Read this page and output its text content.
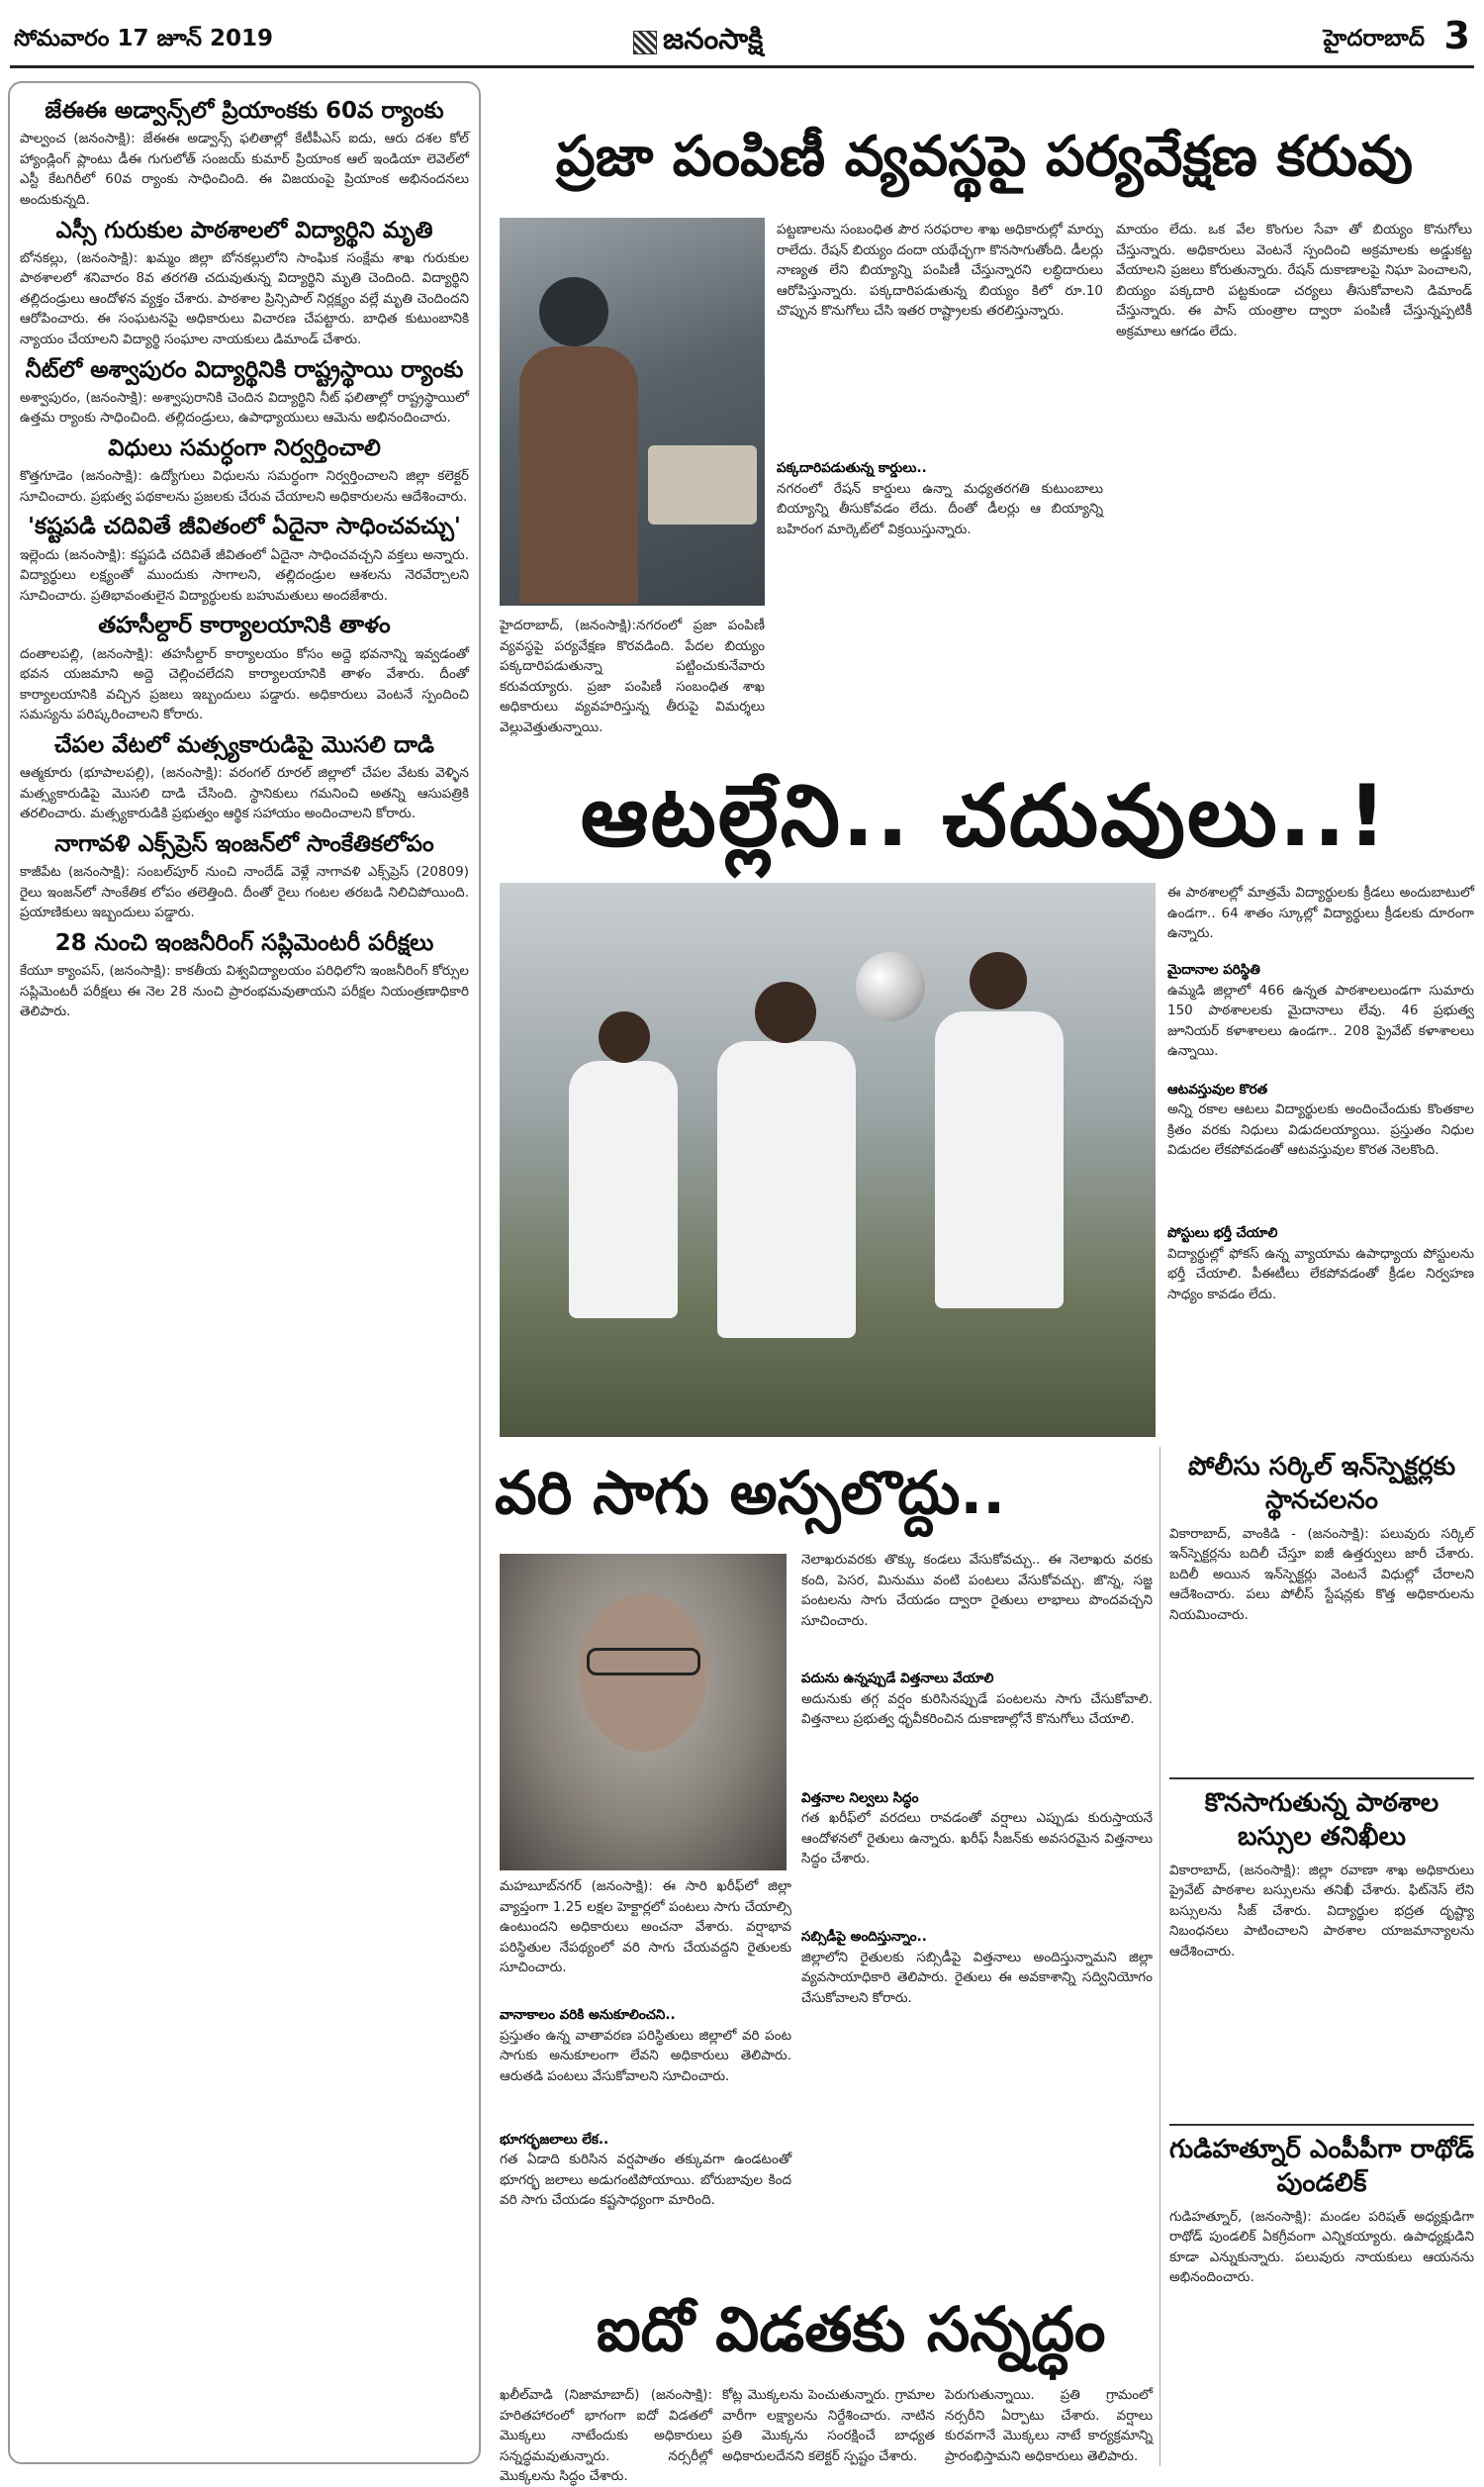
సోమవారం 17 జూన్ 2019	జనంసాక్షి	హైదరాబాద్ 3
జేఈఈ అడ్వాన్స్‌లో ప్రియాంకకు 60వ ర్యాంకు
పాల్వంచ (జనంసాక్షి): జేఈఈ అడ్వాన్స్ ఫలితాల్లో కేటీపీఎస్ ఐదు, ఆరు దశల కోల్ హ్యాండ్లింగ్ ప్లాంటు డీఈ గుగులోత్ సంజయ్ కుమార్ ప్రియాంక ఆల్ ఇండియా లెవెల్‌లో ఎస్టీ కేటగిరీలో 60వ ర్యాంకు సాధించింది. ఈ విజయంపై ప్రియాంక అభినందనలు అందుకున్నది.
ఎస్సీ గురుకుల పాఠశాలలో విద్యార్థిని మృతి
బోనకల్లు, (జనంసాక్షి): ఖమ్మం జిల్లా బోనకల్లులోని సాంఘిక సంక్షేమ శాఖ గురుకుల పాఠశాలలో శనివారం 8వ తరగతి చదువుతున్న విద్యార్థిని మృతి చెందింది. విద్యార్థిని తల్లిదండ్రులు ఆందోళన వ్యక్తం చేశారు. పాఠశాల ప్రిన్సిపాల్ నిర్లక్ష్యం వల్లే మృతి చెందిందని ఆరోపించారు. ఈ సంఘటనపై అధికారులు విచారణ చేపట్టారు. బాధిత కుటుంబానికి న్యాయం చేయాలని విద్యార్థి సంఘాల నాయకులు డిమాండ్ చేశారు.
నీట్‌లో అశ్వాపురం విద్యార్థినికి రాష్ట్రస్థాయి ర్యాంకు
అశ్వాపురం, (జనంసాక్షి): అశ్వాపురానికి చెందిన విద్యార్థిని నీట్ ఫలితాల్లో రాష్ట్రస్థాయిలో ఉత్తమ ర్యాంకు సాధించింది. తల్లిదండ్రులు, ఉపాధ్యాయులు ఆమెను అభినందించారు.
విధులు సమర్ధంగా నిర్వర్తించాలి
కొత్తగూడెం (జనంసాక్షి): ఉద్యోగులు విధులను సమర్ధంగా నిర్వర్తించాలని జిల్లా కలెక్టర్ సూచించారు. ప్రభుత్వ పథకాలను ప్రజలకు చేరువ చేయాలని అధికారులను ఆదేశించారు.
'కష్టపడి చదివితే జీవితంలో ఏదైనా సాధించవచ్చు'
ఇల్లెందు (జనంసాక్షి): కష్టపడి చదివితే జీవితంలో ఏదైనా సాధించవచ్చని వక్తలు అన్నారు. విద్యార్థులు లక్ష్యంతో ముందుకు సాగాలని, తల్లిదండ్రుల ఆశలను నెరవేర్చాలని సూచించారు. ప్రతిభావంతులైన విద్యార్థులకు బహుమతులు అందజేశారు.
తహసీల్దార్ కార్యాలయానికి తాళం
దంతాలపల్లి, (జనంసాక్షి): తహసీల్దార్ కార్యాలయం కోసం అద్దె భవనాన్ని ఇవ్వడంతో భవన యజమాని అద్దె చెల్లించలేదని కార్యాలయానికి తాళం వేశారు. దీంతో కార్యాలయానికి వచ్చిన ప్రజలు ఇబ్బందులు పడ్డారు. అధికారులు వెంటనే స్పందించి సమస్యను పరిష్కరించాలని కోరారు.
చేపల వేటలో మత్స్యకారుడిపై మొసలి దాడి
ఆత్మకూరు (భూపాలపల్లి), (జనంసాక్షి): వరంగల్ రూరల్ జిల్లాలో చేపల వేటకు వెళ్ళిన మత్స్యకారుడిపై మొసలి దాడి చేసింది. స్థానికులు గమనించి అతన్ని ఆసుపత్రికి తరలించారు. మత్స్యకారుడికి ప్రభుత్వం ఆర్థిక సహాయం అందించాలని కోరారు.
నాగావళి ఎక్స్‌ప్రెస్ ఇంజన్‌లో సాంకేతికలోపం
కాజీపేట (జనంసాక్షి): సంబల్‌పూర్ నుంచి నాందేడ్ వెళ్లే నాగావళి ఎక్స్‌ప్రెస్ (20809) రైలు ఇంజన్‌లో సాంకేతిక లోపం తలెత్తింది. దీంతో రైలు గంటల తరబడి నిలిచిపోయింది. ప్రయాణికులు ఇబ్బందులు పడ్డారు.
28 నుంచి ఇంజనీరింగ్ సప్లిమెంటరీ పరీక్షలు
కేయూ క్యాంపస్, (జనంసాక్షి): కాకతీయ విశ్వవిద్యాలయం పరిధిలోని ఇంజనీరింగ్ కోర్సుల సప్లిమెంటరీ పరీక్షలు ఈ నెల 28 నుంచి ప్రారంభమవుతాయని పరీక్షల నియంత్రణాధికారి తెలిపారు.
ప్రజా పంపిణీ వ్యవస్థపై పర్యవేక్షణ కరువు
హైదరాబాద్, (జనంసాక్షి):నగరంలో ప్రజా పంపిణీ వ్యవస్థపై పర్యవేక్షణ కొరవడింది. పేదల బియ్యం పక్కదారిపడుతున్నా పట్టించుకునేవారు కరువయ్యారు. ప్రజా పంపిణీ సంబంధిత శాఖ అధికారులు వ్యవహరిస్తున్న తీరుపై విమర్శలు వెల్లువెత్తుతున్నాయి.
పట్టణాలను సంబంధిత పౌర సరఫరాల శాఖ అధికారుల్లో మార్పు రాలేదు. రేషన్ బియ్యం దందా యథేచ్ఛగా కొనసాగుతోంది. డీలర్లు నాణ్యత లేని బియ్యాన్ని పంపిణీ చేస్తున్నారని లబ్ధిదారులు ఆరోపిస్తున్నారు. పక్కదారిపడుతున్న బియ్యం కిలో రూ.10 చొప్పున కొనుగోలు చేసి ఇతర రాష్ట్రాలకు తరలిస్తున్నారు.
పక్కదారిపడుతున్న కార్డులు..
నగరంలో రేషన్ కార్డులు ఉన్నా మధ్యతరగతి కుటుంబాలు బియ్యాన్ని తీసుకోవడం లేదు. దీంతో డీలర్లు ఆ బియ్యాన్ని బహిరంగ మార్కెట్‌లో విక్రయిస్తున్నారు.
మాయం లేదు. ఒక వేల కొంగుల సేవా తో బియ్యం కొనుగోలు చేస్తున్నారు. అధికారులు వెంటనే స్పందించి అక్రమాలకు అడ్డుకట్ట వేయాలని ప్రజలు కోరుతున్నారు. రేషన్ దుకాణాలపై నిఘా పెంచాలని, బియ్యం పక్కదారి పట్టకుండా చర్యలు తీసుకోవాలని డిమాండ్ చేస్తున్నారు. ఈ పాస్ యంత్రాల ద్వారా పంపిణీ చేస్తున్నప్పటికీ అక్రమాలు ఆగడం లేదు.
ఆటల్లేని.. చదువులు..!
ఈ పాఠశాలల్లో మాత్రమే విద్యార్థులకు క్రీడలు అందుబాటులో ఉండగా.. 64 శాతం స్కూల్లో విద్యార్థులు క్రీడలకు దూరంగా ఉన్నారు.
మైదానాల పరిస్థితి
ఉమ్మడి జిల్లాలో 466 ఉన్నత పాఠశాలలుండగా సుమారు 150 పాఠశాలలకు మైదానాలు లేవు. 46 ప్రభుత్వ జూనియర్ కళాశాలలు ఉండగా.. 208 ప్రైవేట్ కళాశాలలు ఉన్నాయి.
ఆటవస్తువుల కొరత
అన్ని రకాల ఆటలు విద్యార్థులకు అందించేందుకు కొంతకాల క్రితం వరకు నిధులు విడుదలయ్యాయి. ప్రస్తుతం నిధుల విడుదల లేకపోవడంతో ఆటవస్తువుల కొరత నెలకొంది.
పోస్టులు భర్తీ చేయాలి
విద్యార్థుల్లో ఫోకస్ ఉన్న వ్యాయామ ఉపాధ్యాయ పోస్టులను భర్తీ చేయాలి. పీఈటీలు లేకపోవడంతో క్రీడల నిర్వహణ సాధ్యం కావడం లేదు.
వరి సాగు అస్సలొద్దు..
మహబూబ్‌నగర్ (జనంసాక్షి): ఈ సారి ఖరీఫ్‌లో జిల్లా వ్యాప్తంగా 1.25 లక్షల హెక్టార్లలో పంటలు సాగు చేయాల్సి ఉంటుందని అధికారులు అంచనా వేశారు. వర్షాభావ పరిస్థితుల నేపథ్యంలో వరి సాగు చేయవద్దని రైతులకు సూచించారు.
వానాకాలం వరికి అనుకూలించని..
ప్రస్తుతం ఉన్న వాతావరణ పరిస్థితులు జిల్లాలో వరి పంట సాగుకు అనుకూలంగా లేవని అధికారులు తెలిపారు. ఆరుతడి పంటలు వేసుకోవాలని సూచించారు.
భూగర్భజలాలు లేక..
గత ఏడాది కురిసిన వర్షపాతం తక్కువగా ఉండటంతో భూగర్భ జలాలు అడుగంటిపోయాయి. బోరుబావుల కింద వరి సాగు చేయడం కష్టసాధ్యంగా మారింది.
నెలాఖరువరకు తొక్కు కండలు వేసుకోవచ్చు.. ఈ నెలాఖరు వరకు కంది, పెసర, మినుము వంటి పంటలు వేసుకోవచ్చు. జొన్న, సజ్జ పంటలను సాగు చేయడం ద్వారా రైతులు లాభాలు పొందవచ్చని సూచించారు.
పదును ఉన్నప్పుడే విత్తనాలు వేయాలి
అదునుకు తగ్గ వర్షం కురిసినప్పుడే పంటలను సాగు చేసుకోవాలి. విత్తనాలు ప్రభుత్వ ధృవీకరించిన దుకాణాల్లోనే కొనుగోలు చేయాలి.
విత్తనాల నిల్వలు సిద్ధం
గత ఖరీఫ్‌లో వరదలు రావడంతో వర్షాలు ఎప్పుడు కురుస్తాయనే ఆందోళనలో రైతులు ఉన్నారు. ఖరీఫ్ సీజన్‌కు అవసరమైన విత్తనాలు సిద్ధం చేశారు.
సబ్సిడీపై అందిస్తున్నాం..
జిల్లాలోని రైతులకు సబ్సిడీపై విత్తనాలు అందిస్తున్నామని జిల్లా వ్యవసాయాధికారి తెలిపారు. రైతులు ఈ అవకాశాన్ని సద్వినియోగం చేసుకోవాలని కోరారు.
పోలీసు సర్కిల్ ఇన్‌స్పెక్టర్లకు స్థానచలనం
వికారాబాద్, వాంకిడి - (జనంసాక్షి): పలువురు సర్కిల్ ఇన్‌స్పెక్టర్లను బదిలీ చేస్తూ ఐజీ ఉత్తర్వులు జారీ చేశారు. బదిలీ అయిన ఇన్‌స్పెక్టర్లు వెంటనే విధుల్లో చేరాలని ఆదేశించారు. పలు పోలీస్ స్టేషన్లకు కొత్త అధికారులను నియమించారు.
కొనసాగుతున్న పాఠశాల బస్సుల తనిఖీలు
వికారాబాద్, (జనంసాక్షి): జిల్లా రవాణా శాఖ అధికారులు ప్రైవేట్ పాఠశాల బస్సులను తనిఖీ చేశారు. ఫిట్‌నెస్ లేని బస్సులను సీజ్ చేశారు. విద్యార్థుల భద్రత దృష్ట్యా నిబంధనలు పాటించాలని పాఠశాల యాజమాన్యాలను ఆదేశించారు.
గుడిహత్నూర్ ఎంపీపీగా రాథోడ్ పుండలిక్
గుడిహత్నూర్, (జనంసాక్షి): మండల పరిషత్ అధ్యక్షుడిగా రాథోడ్ పుండలిక్ ఏకగ్రీవంగా ఎన్నికయ్యారు. ఉపాధ్యక్షుడిని కూడా ఎన్నుకున్నారు. పలువురు నాయకులు ఆయనను అభినందించారు.
ఐదో విడతకు సన్నద్ధం
ఖలీల్‌వాడి (నిజామాబాద్) (జనంసాక్షి): హరితహారంలో భాగంగా ఐదో విడతలో మొక్కలు నాటేందుకు అధికారులు సన్నద్ధమవుతున్నారు. నర్సరీల్లో మొక్కలను సిద్ధం చేశారు.
కోట్ల మొక్కలను పెంచుతున్నారు. గ్రామాల వారీగా లక్ష్యాలను నిర్దేశించారు. నాటిన ప్రతి మొక్కను సంరక్షించే బాధ్యత అధికారులదేనని కలెక్టర్ స్పష్టం చేశారు.
పెరుగుతున్నాయి. ప్రతి గ్రామంలో నర్సరీని ఏర్పాటు చేశారు. వర్షాలు కురవగానే మొక్కలు నాటే కార్యక్రమాన్ని ప్రారంభిస్తామని అధికారులు తెలిపారు.
